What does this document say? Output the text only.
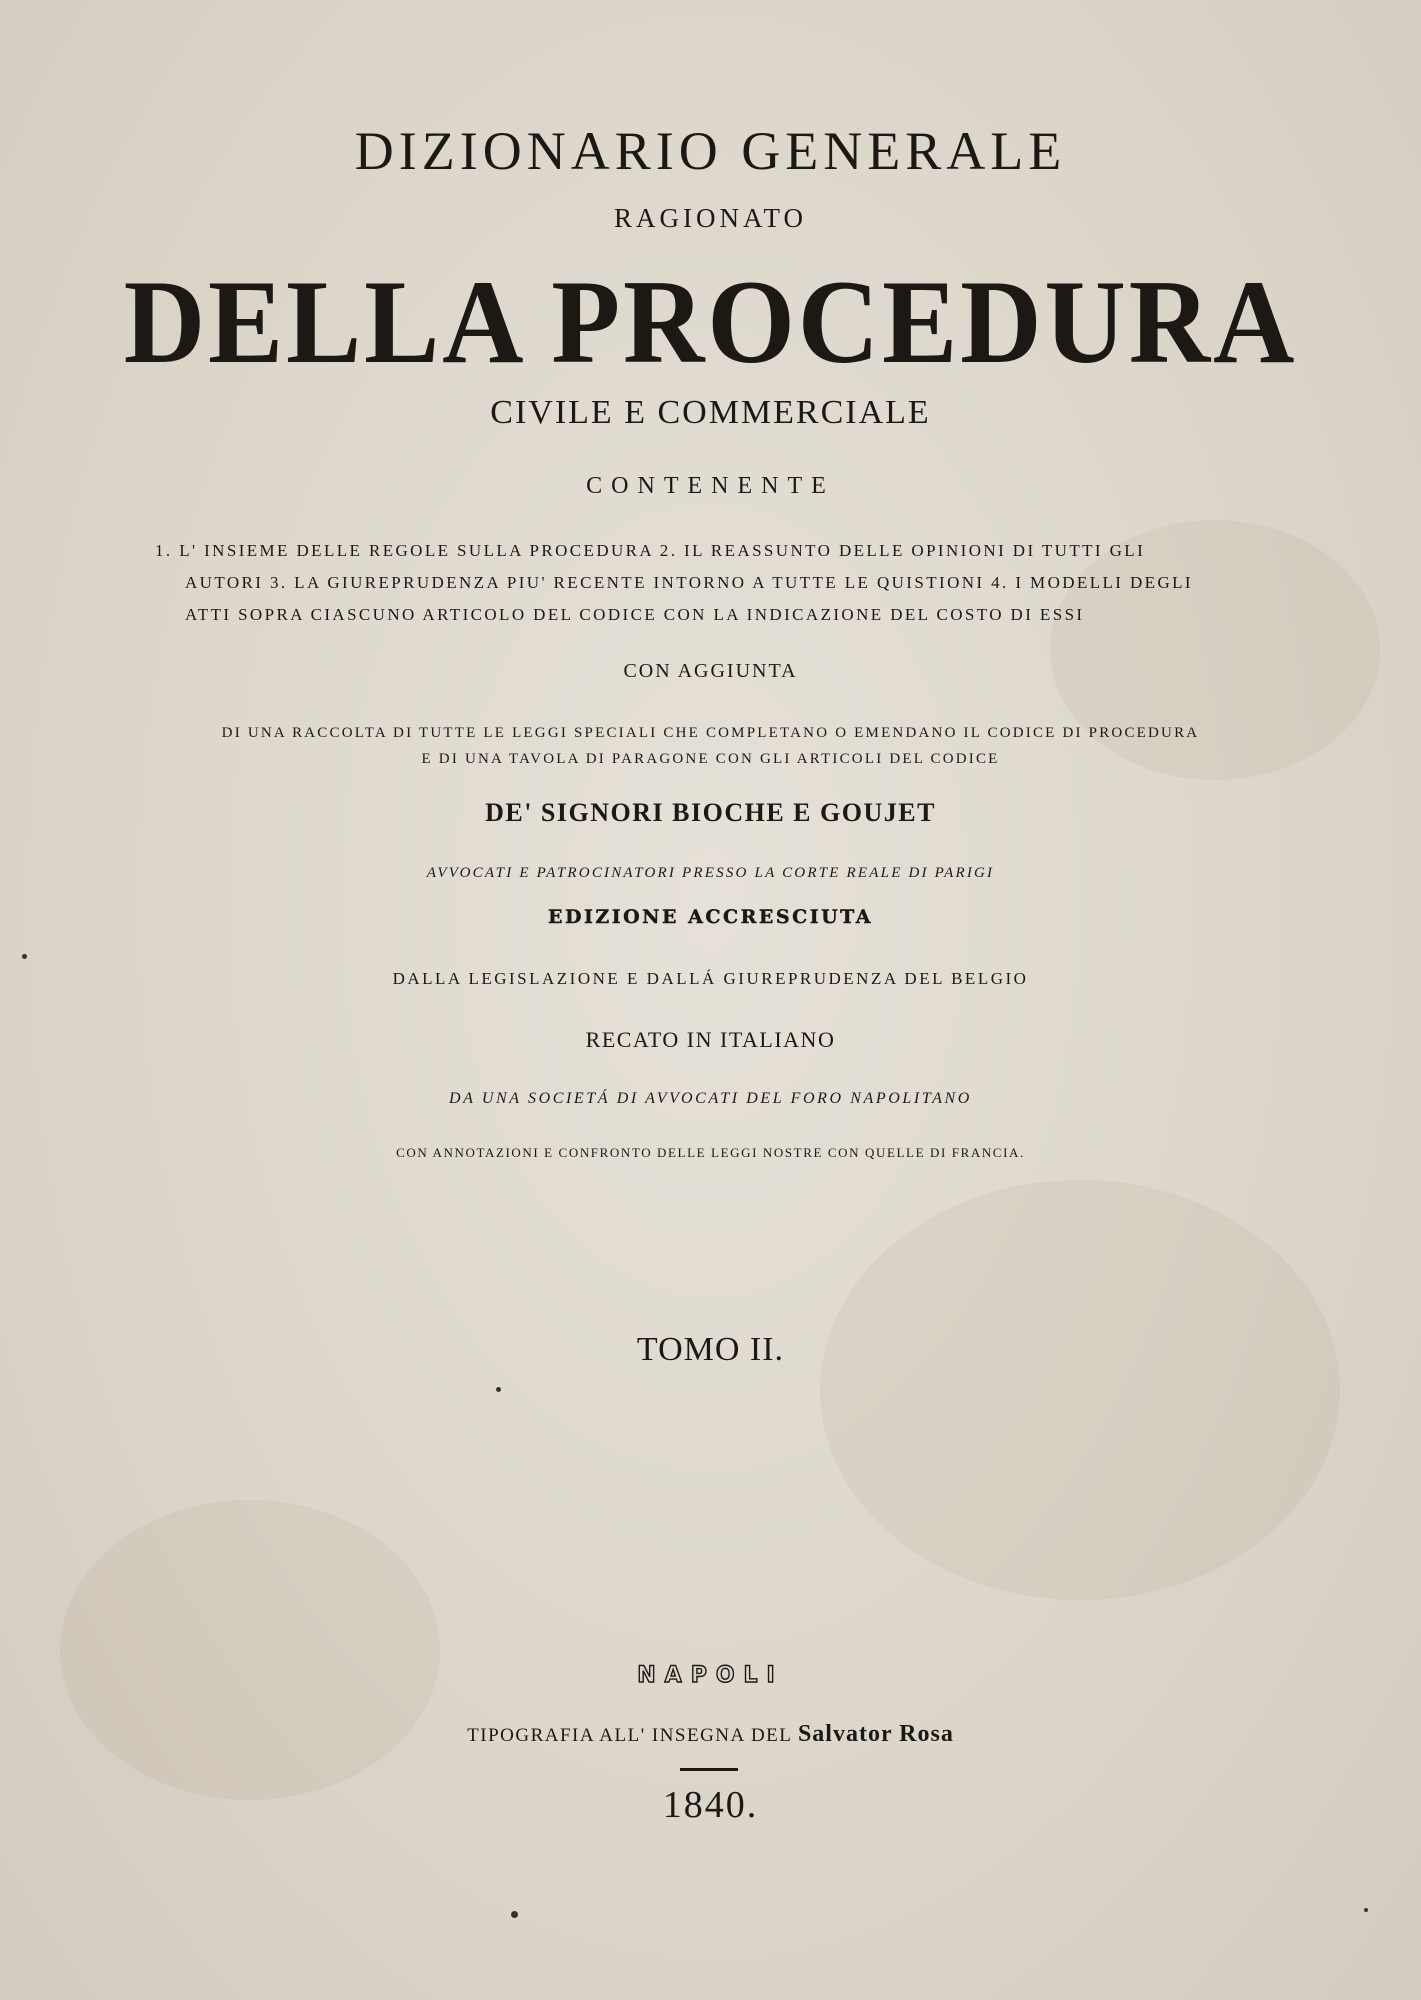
DIZIONARIO GENERALE
RAGIONATO
DELLA PROCEDURA
CIVILE E COMMERCIALE
CONTENENTE
1. L' INSIEME DELLE REGOLE SULLA PROCEDURA 2. IL REASSUNTO DELLE OPINIONI DI TUTTI GLI
AUTORI 3. LA GIUREPRUDENZA PIU' RECENTE INTORNO A TUTTE LE QUISTIONI 4. I MODELLI DEGLI
ATTI SOPRA CIASCUNO ARTICOLO DEL CODICE CON LA INDICAZIONE DEL COSTO DI ESSI
CON AGGIUNTA
DI UNA RACCOLTA DI TUTTE LE LEGGI SPECIALI CHE COMPLETANO O EMENDANO IL CODICE DI PROCEDURA
E DI UNA TAVOLA DI PARAGONE CON GLI ARTICOLI DEL CODICE
DE' SIGNORI BIOCHE E GOUJET
AVVOCATI E PATROCINATORI PRESSO LA CORTE REALE DI PARIGI
EDIZIONE ACCRESCIUTA
DALLA LEGISLAZIONE E DALLÁ GIUREPRUDENZA DEL BELGIO
RECATO IN ITALIANO
DA UNA SOCIETÁ DI AVVOCATI DEL FORO NAPOLITANO
CON ANNOTAZIONI E CONFRONTO DELLE LEGGI NOSTRE CON QUELLE DI FRANCIA.
TOMO II.
NAPOLI
TIPOGRAFIA ALL' INSEGNA DEL Salvator Rosa
1840.
